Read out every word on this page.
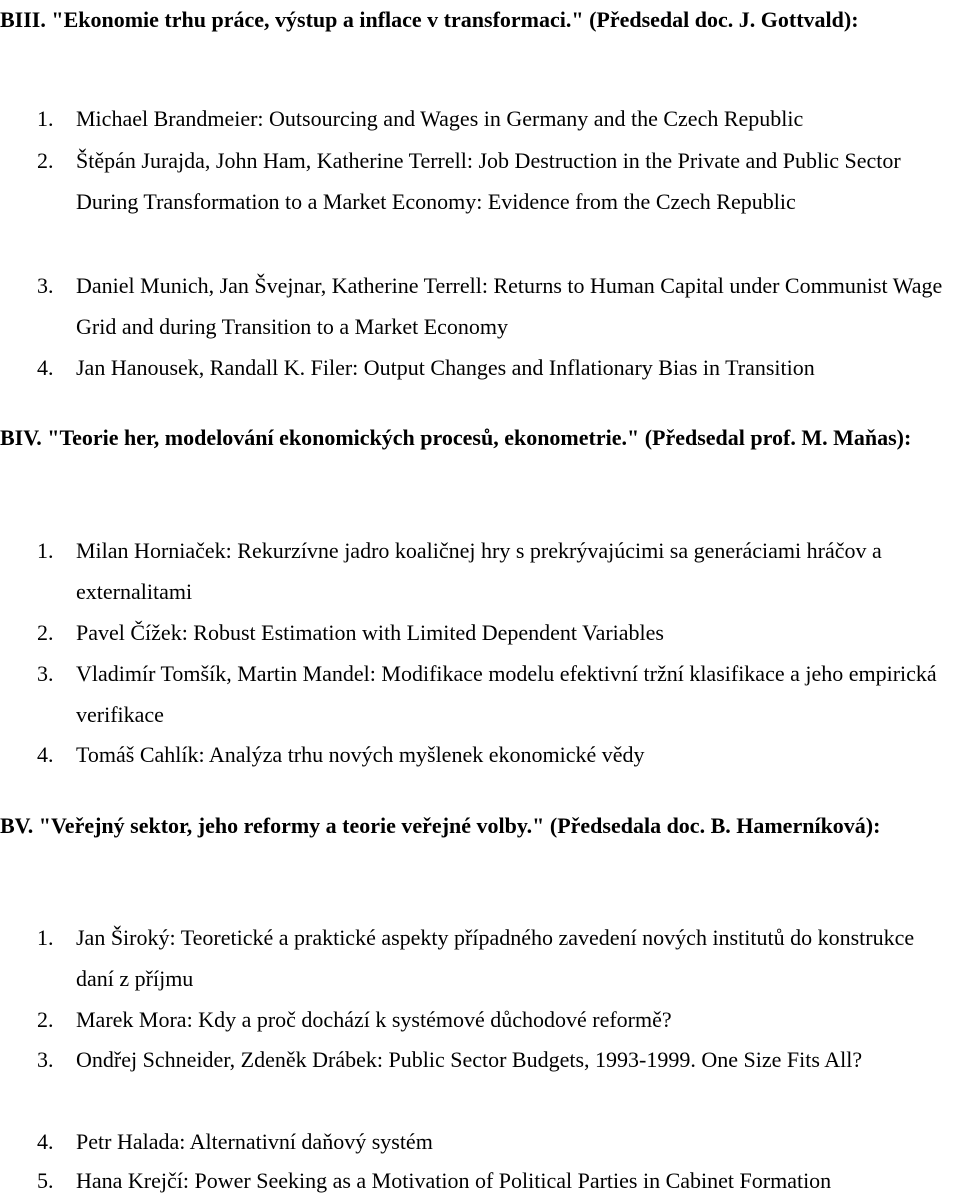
BIII. "Ekonomie trhu práce, výstup a inflace v transformaci." (Předsedal doc. J. Gottvald):
1. Michael Brandmeier: Outsourcing and Wages in Germany and the Czech Republic
2. Štěpán Jurajda, John Ham, Katherine Terrell: Job Destruction in the Private and Public Sector During Transformation to a Market Economy: Evidence from the Czech Republic
3. Daniel Munich, Jan Švejnar, Katherine Terrell: Returns to Human Capital under Communist Wage Grid and during Transition to a Market Economy
4. Jan Hanousek, Randall K. Filer: Output Changes and Inflationary Bias in Transition
BIV. "Teorie her, modelování ekonomických procesů, ekonometrie." (Předsedal prof. M. Maňas):
1. Milan Horniaček: Rekurzívne jadro koaličnej hry s prekrývajúcimi sa generáciami hráčov a externalitami
2. Pavel Čížek: Robust Estimation with Limited Dependent Variables
3. Vladimír Tomšík, Martin Mandel: Modifikace modelu efektivní tržní klasifikace a jeho empirická verifikace
4. Tomáš Cahlík: Analýza trhu nových myšlenek ekonomické vědy
BV. "Veřejný sektor, jeho reformy a teorie veřejné volby." (Předsedala doc. B. Hamerníková):
1. Jan Široký: Teoretické a praktické aspekty případného zavedení nových institutů do konstrukce daní z příjmu
2. Marek Mora: Kdy a proč dochází k systémové důchodové reformě?
3. Ondřej Schneider, Zdeněk Drábek: Public Sector Budgets, 1993-1999. One Size Fits All?
4. Petr Halada: Alternativní daňový systém
5. Hana Krejčí: Power Seeking as a Motivation of Political Parties in Cabinet Formation
